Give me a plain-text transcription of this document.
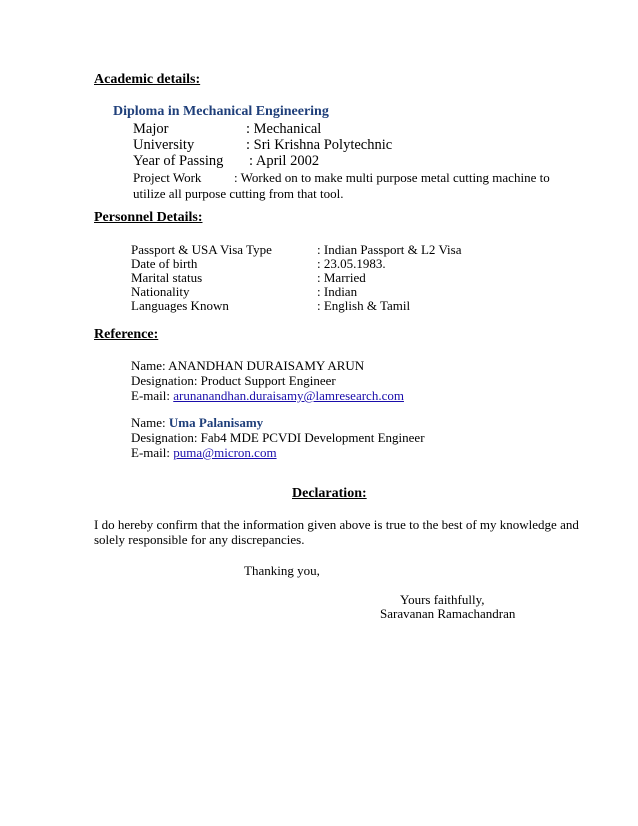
Academic details:
Diploma in Mechanical Engineering
Major	: Mechanical
University	: Sri Krishna Polytechnic
Year of Passing : April 2002
Project Work	: Worked on to make multi purpose metal cutting machine to
utilize all purpose cutting from that tool.
Personnel Details:
Passport & USA Visa Type	: Indian Passport & L2 Visa
Date of birth	: 23.05.1983.
Marital status	: Married
Nationality	: Indian
Languages Known	: English & Tamil
Reference:
Name: ANANDHAN DURAISAMY ARUN
Designation: Product Support Engineer
E-mail: arunanandhan.duraisamy@lamresearch.com
Name: Uma Palanisamy
Designation: Fab4 MDE PCVDI Development Engineer
E-mail: puma@micron.com
Declaration:
I do hereby confirm that the information given above is true to the best of my knowledge and
solely responsible for any discrepancies.
Thanking you,
Yours faithfully,
Saravanan Ramachandran
